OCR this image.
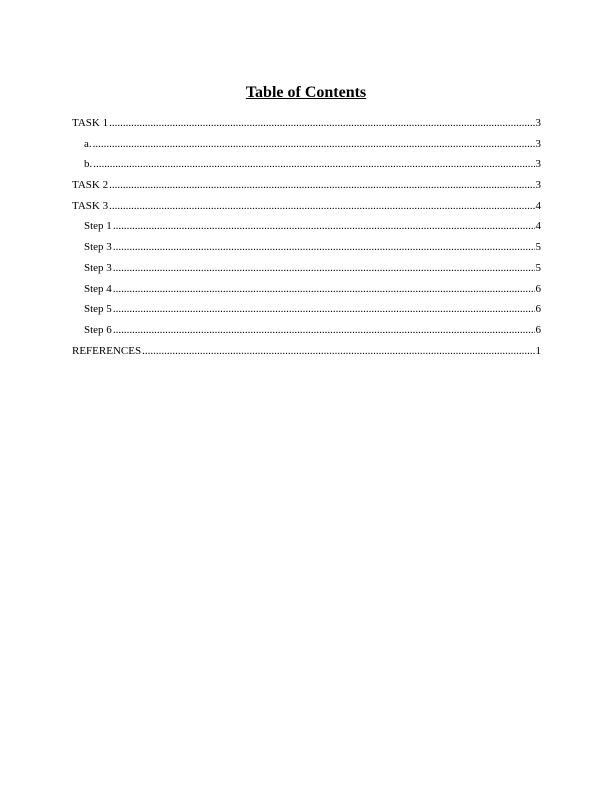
Table of Contents
TASK 1 .....	3
a. .....	3
b. .....	3
TASK 2 .....	3
TASK 3 .....	4
Step 1 .....	4
Step 3 .....	5
Step 3 .....	5
Step 4 .....	6
Step 5 .....	6
Step 6 .....	6
REFERENCES .....	1
